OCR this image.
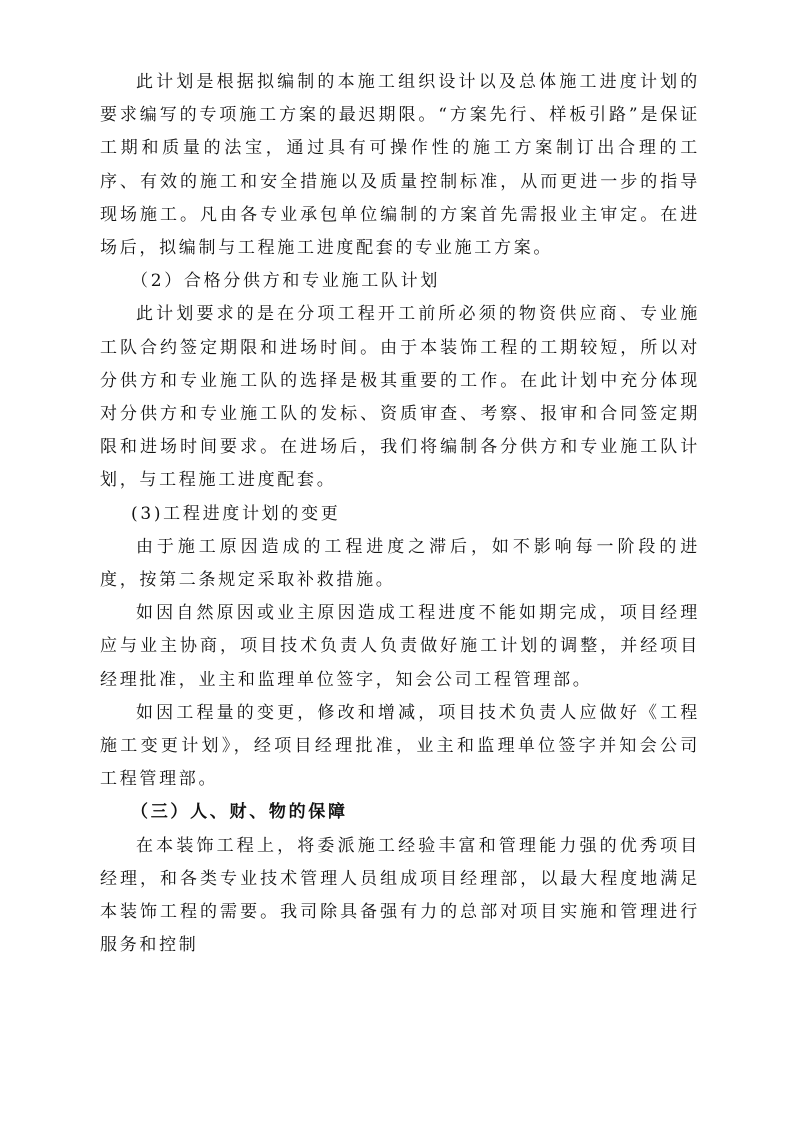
此计划是根据拟编制的本施工组织设计以及总体施工进度计划的要求编写的专项施工方案的最迟期限。“方案先行、样板引路”是保证工期和质量的法宝，通过具有可操作性的施工方案制订出合理的工序、有效的施工和安全措施以及质量控制标准，从而更进一步的指导现场施工。凡由各专业承包单位编制的方案首先需报业主审定。在进场后，拟编制与工程施工进度配套的专业施工方案。

（2）合格分供方和专业施工队计划

此计划要求的是在分项工程开工前所必须的物资供应商、专业施工队合约签定期限和进场时间。由于本装饰工程的工期较短，所以对分供方和专业施工队的选择是极其重要的工作。在此计划中充分体现对分供方和专业施工队的发标、资质审查、考察、报审和合同签定期限和进场时间要求。在进场后，我们将编制各分供方和专业施工队计划，与工程施工进度配套。

(3)工程进度计划的变更

由于施工原因造成的工程进度之滞后，如不影响每一阶段的进度，按第二条规定采取补救措施。

如因自然原因或业主原因造成工程进度不能如期完成，项目经理应与业主协商，项目技术负责人负责做好施工计划的调整，并经项目经理批准，业主和监理单位签字，知会公司工程管理部。

如因工程量的变更，修改和增减，项目技术负责人应做好《工程施工变更计划》，经项目经理批准，业主和监理单位签字并知会公司工程管理部。

（三）人、财、物的保障

在本装饰工程上，将委派施工经验丰富和管理能力强的优秀项目经理，和各类专业技术管理人员组成项目经理部，以最大程度地满足本装饰工程的需要。我司除具备强有力的总部对项目实施和管理进行服务和控制
